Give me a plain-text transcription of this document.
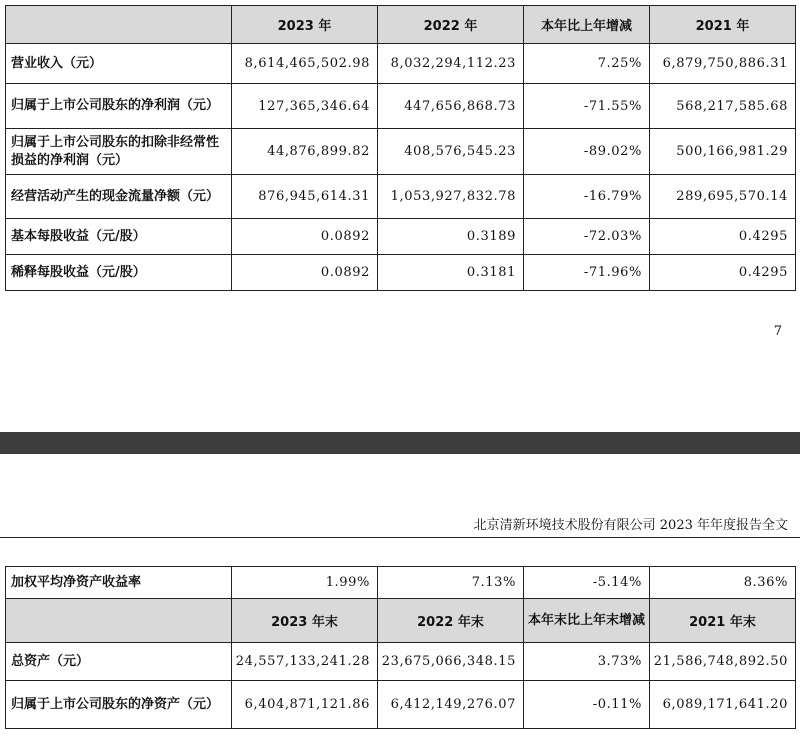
	2023 年	2022 年	本年比上年增减	2021 年
营业收入（元）	8,614,465,502.98	8,032,294,112.23	7.25%	6,879,750,886.31
归属于上市公司股东的净利润（元）	127,365,346.64	447,656,868.73	-71.55%	568,217,585.68
归属于上市公司股东的扣除非经常性损益的净利润（元）	44,876,899.82	408,576,545.23	-89.02%	500,166,981.29
经营活动产生的现金流量净额（元）	876,945,614.31	1,053,927,832.78	-16.79%	289,695,570.14
基本每股收益（元/股）	0.0892	0.3189	-72.03%	0.4295
稀释每股收益（元/股）	0.0892	0.3181	-71.96%	0.4295
7
北京清新环境技术股份有限公司 2023 年年度报告全文
加权平均净资产收益率	1.99%	7.13%	-5.14%	8.36%
	2023 年末	2022 年末	本年末比上年末增减	2021 年末
总资产（元）	24,557,133,241.28	23,675,066,348.15	3.73%	21,586,748,892.50
归属于上市公司股东的净资产（元）	6,404,871,121.86	6,412,149,276.07	-0.11%	6,089,171,641.20
